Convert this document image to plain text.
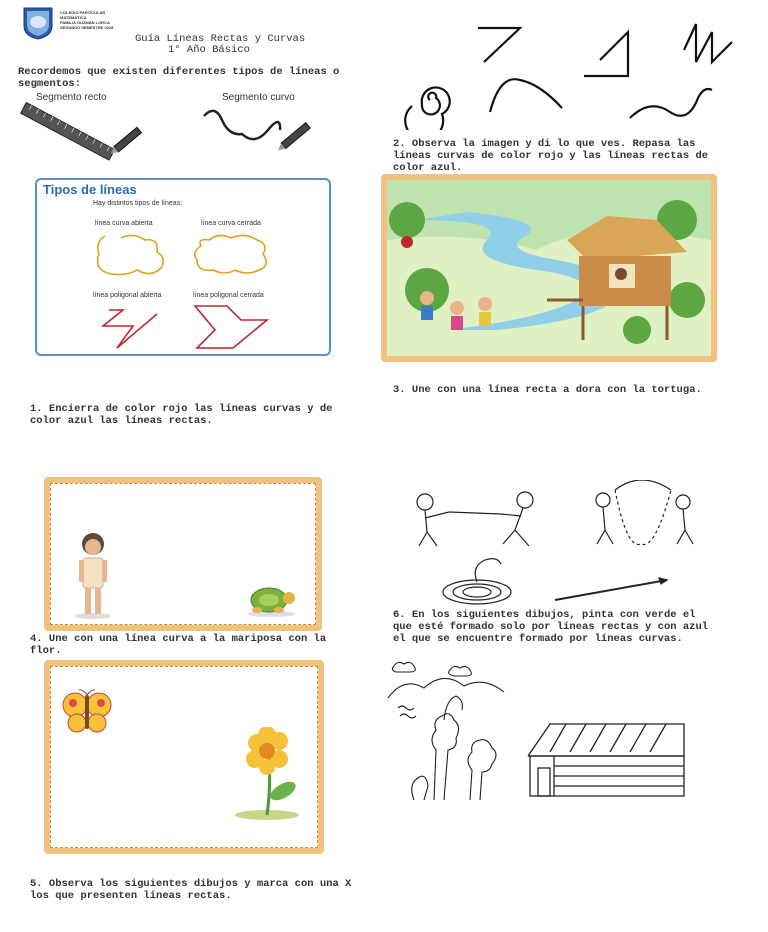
COLEGIO PARTICULAR
MATEMÁTICA
FAMILIA GUZMÁN LORCA
SEGUNDO SEMESTRE 2018
Guía Líneas Rectas y Curvas
1° Año Básico
Recordemos que existen diferentes tipos de líneas o segmentos:
Segmento recto	Segmento curvo
Tipos de líneas
Hay distintos tipos de líneas:
línea curva abierta	línea curva cerrada
línea poligonal abierta	línea poligonal cerrada
1. Encierra de color rojo las líneas curvas y de color azul las líneas rectas.
2. Observa la imagen y di lo que ves. Repasa las líneas curvas de color rojo y las líneas rectas de color azul.
3. Une con una línea recta a dora con la tortuga.
4. Une con una línea curva a la mariposa con la flor.
5. Observa los siguientes dibujos y marca con una X los que presenten líneas rectas.
6. En los siguientes dibujos, pinta con verde el que esté formado solo por líneas rectas y con azul el que se encuentre formado por líneas curvas.
